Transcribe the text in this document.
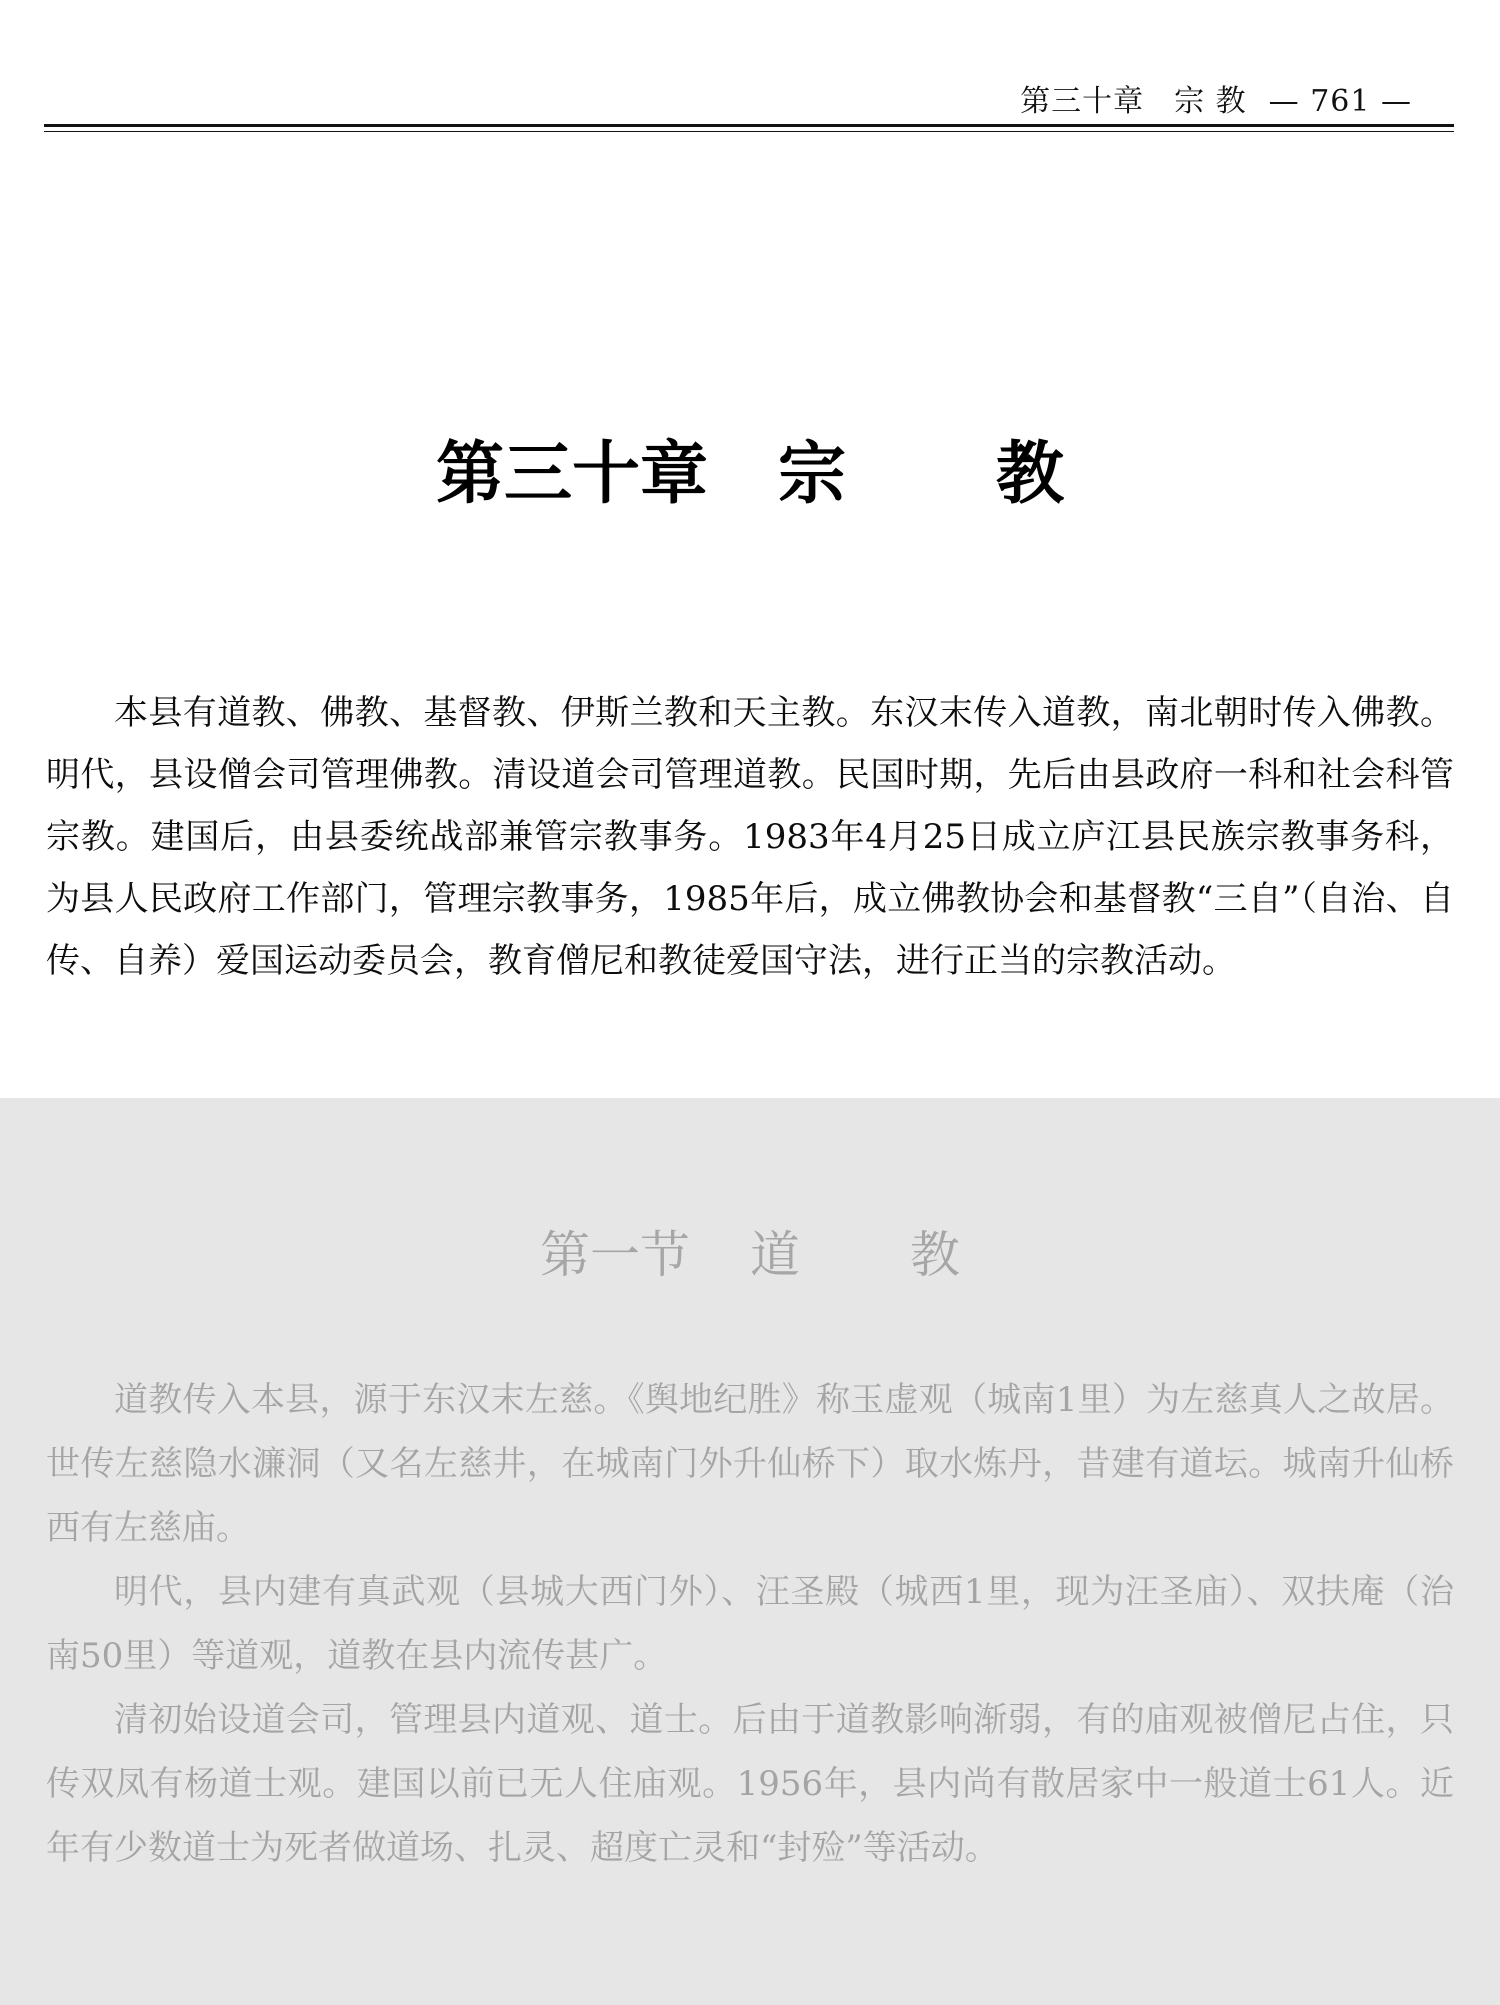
第三十章 宗 教 — 761 —
第三十章 宗 教

本县有道教、佛教、基督教、伊斯兰教和天主教。东汉末传入道教，南北朝时传入佛教。明代，县设僧会司管理佛教。清设道会司管理道教。民国时期，先后由县政府一科和社会科管宗教。建国后，由县委统战部兼管宗教事务。1983年4月25日成立庐江县民族宗教事务科，为县人民政府工作部门，管理宗教事务，1985年后，成立佛教协会和基督教“三自”（自治、自传、自养）爱国运动委员会，教育僧尼和教徒爱国守法，进行正当的宗教活动。

第一节 道 教

道教传入本县，源于东汉末左慈。《舆地纪胜》称玉虚观（城南1里）为左慈真人之故居。世传左慈隐水濂洞（又名左慈井，在城南门外升仙桥下）取水炼丹，昔建有道坛。城南升仙桥西有左慈庙。

明代，县内建有真武观（县城大西门外）、汪圣殿（城西1里，现为汪圣庙）、双扶庵（治南50里）等道观，道教在县内流传甚广。

清初始设道会司，管理县内道观、道士。后由于道教影响渐弱，有的庙观被僧尼占住，只传双凤有杨道士观。建国以前已无人住庙观。1956年，县内尚有散居家中一般道士61人。近年有少数道士为死者做道场、扎灵、超度亡灵和“封殓”等活动。
